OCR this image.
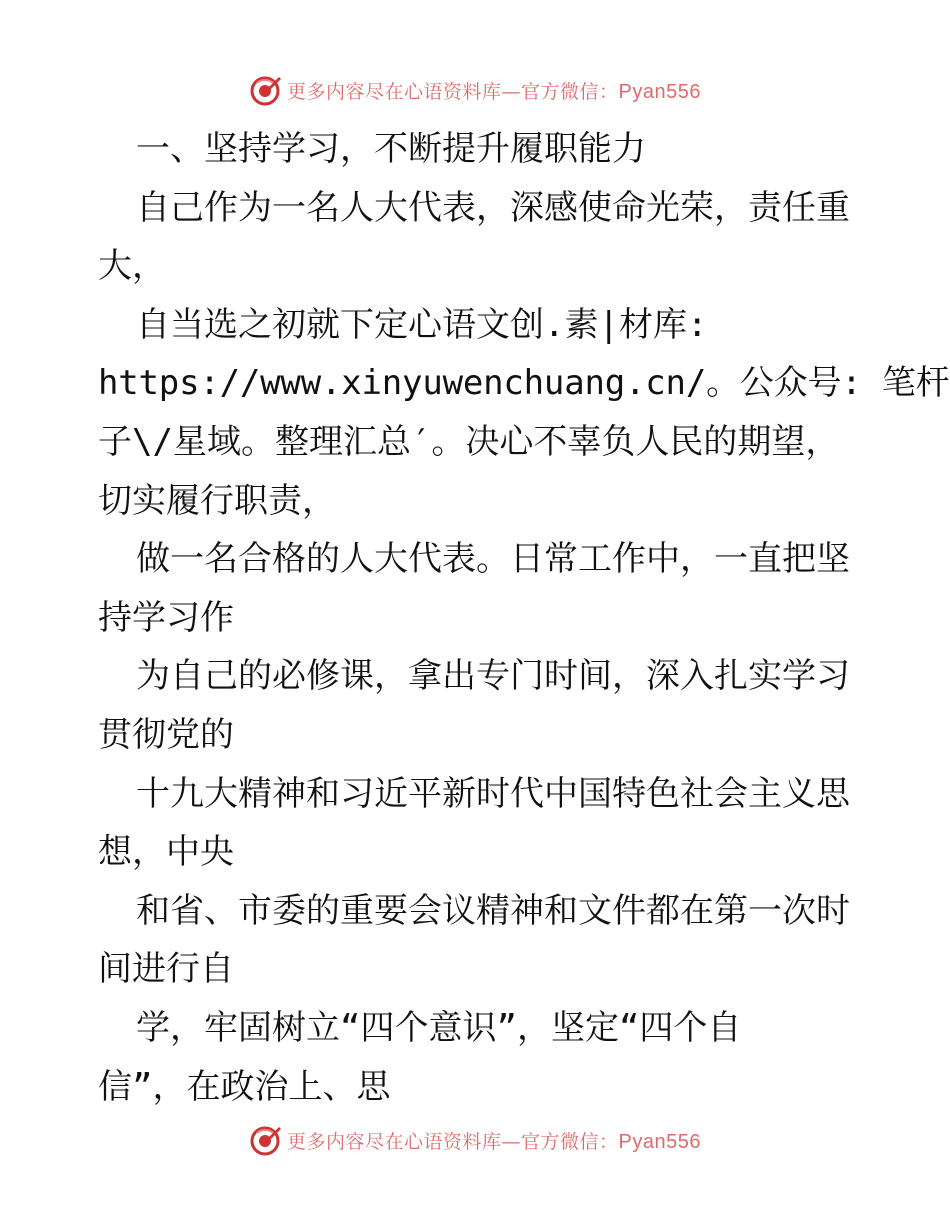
更多内容尽在心语资料库—官方微信：Pyan556
一、坚持学习，不断提升履职能力
自己作为一名人大代表，深感使命光荣，责任重
大，
自当选之初就下定心语文创.素|材库:
https://www.xinyuwenchuang.cn/。公众号: 笔杆
子\/星域。整理汇总′。决心不辜负人民的期望，
切实履行职责，
做一名合格的人大代表。日常工作中，一直把坚
持学习作
为自己的必修课，拿出专门时间，深入扎实学习
贯彻党的
十九大精神和习近平新时代中国特色社会主义思
想，中央
和省、市委的重要会议精神和文件都在第一次时
间进行自
学，牢固树立“四个意识”，坚定“四个自
信”，在政治上、思
更多内容尽在心语资料库—官方微信：Pyan556
